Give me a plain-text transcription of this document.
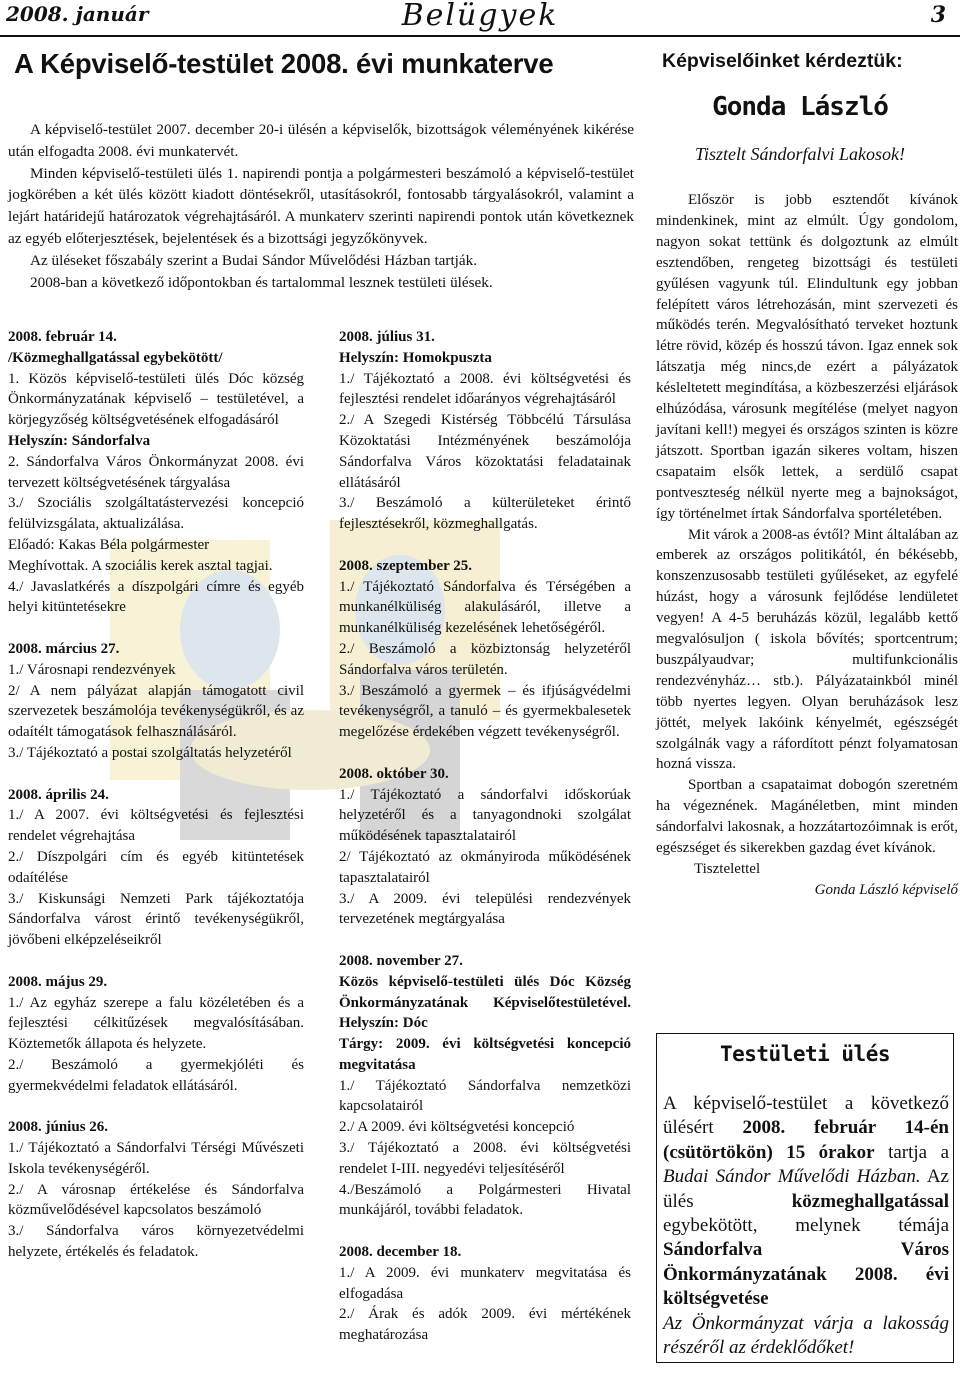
2008. január	Belügyek	3
A Képviselő-testület 2008. évi munkaterve

A képviselő-testület 2007. december 20-i ülésén a képviselők, bizottságok véleményének kikérése után elfogadta 2008. évi munkatervét.

Minden képviselő-testületi ülés 1. napirendi pontja a polgármesteri beszámoló a képviselő-testület jogkörében a két ülés között kiadott döntésekről, utasításokról, fontosabb tárgyalásokról, valamint a lejárt határidejű határozatok végrehajtásáról. A munkaterv szerinti napirendi pontok után következnek az egyéb előterjesztések, bejelentések és a bizottsági jegyzőkönyvek.

Az üléseket főszabály szerint a Budai Sándor Művelődési Házban tartják.

2008-ban a következő időpontokban és tartalommal lesznek testületi ülések.

2008. február 14.
/Közmeghallgatással egybekötött/

1. Közös képviselő-testületi ülés Dóc község Önkormányzatának képviselő – testületével, a körjegyzőség költségvetésének elfogadásáról

Helyszín: Sándorfalva

2. Sándorfalva Város Önkormányzat 2008. évi tervezett költségvetésének tárgyalása

3./ Szociális szolgáltatástervezési koncepció felülvizsgálata, aktualizálása.

Előadó: Kakas Béla polgármester

Meghívottak. A szociális kerek asztal tagjai.

4./ Javaslatkérés a díszpolgári címre és egyéb helyi kitüntetésekre

2008. március 27.

1./ Városnapi rendezvények

2/ A nem pályázat alapján támogatott civil szervezetek beszámolója tevékenységükről, és az odaítélt támogatások felhasználásáról.

3./ Tájékoztató a postai szolgáltatás helyzetéről

2008. április 24.

1./ A 2007. évi költségvetési és fejlesztési rendelet végrehajtása

2./ Díszpolgári cím és egyéb kitüntetések odaítélése

3./ Kiskunsági Nemzeti Park tájékoztatója Sándorfalva várost érintő tevékenységükről, jövőbeni elképzeléseikről

2008. május 29.

1./ Az egyház szerepe a falu közéletében és a fejlesztési célkitűzések megvalósításában. Köztemetők állapota és helyzete.

2./ Beszámoló a gyermekjóléti és gyermekvédelmi feladatok ellátásáról.

2008. június 26.

1./ Tájékoztató a Sándorfalvi Térségi Művészeti Iskola tevékenységéről.

2./ A városnap értékelése és Sándorfalva közművelődésével kapcsolatos beszámoló

3./ Sándorfalva város környezetvédelmi helyzete, értékelés és feladatok.

2008. július 31.
Helyszín: Homokpuszta

1./ Tájékoztató a 2008. évi költségvetési és fejlesztési rendelet időarányos végrehajtásáról

2./ A Szegedi Kistérség Többcélú Társulása Közoktatási Intézményének beszámolója Sándorfalva Város közoktatási feladatainak ellátásáról

3./ Beszámoló a külterületeket érintő fejlesztésekről, közmeghallgatás.

2008. szeptember 25.

1./ Tájékoztató Sándorfalva és Térségében a munkanélküliség alakulásáról, illetve a munkanélküliség kezelésének lehetőségéről.

2./ Beszámoló a közbiztonság helyzetéről Sándorfalva város területén.

3./ Beszámoló a gyermek – és ifjúságvédelmi tevékenységről, a tanuló – és gyermekbalesetek megelőzése érdekében végzett tevékenységről.

2008. október 30.

1./ Tájékoztató a sándorfalvi időskorúak helyzetéről és a tanyagondnoki szolgálat működésének tapasztalatairól

2/ Tájékoztató az okmányiroda működésének tapasztalatairól

3./ A 2009. évi települési rendezvények tervezetének megtárgyalása

2008. november 27.

Közös képviselő-testületi ülés Dóc Község Önkormányzatának Képviselőtestületével. Helyszín: Dóc

Tárgy: 2009. évi költségvetési koncepció megvitatása

1./ Tájékoztató Sándorfalva nemzetközi kapcsolatairól

2./ A 2009. évi költségvetési koncepció

3./ Tájékoztató a 2008. évi költségvetési rendelet I-III. negyedévi teljesítéséről

4./Beszámoló a Polgármesteri Hivatal munkájáról, további feladatok.

2008. december 18.

1./ A 2009. évi munkaterv megvitatása és elfogadása

2./ Árak és adók 2009. évi mértékének meghatározása

Képviselőinket kérdeztük:
Gonda László
Tisztelt Sándorfalvi Lakosok!

Először is jobb esztendőt kívánok mindenkinek, mint az elmúlt. Úgy gondolom, nagyon sokat tettünk és dolgoztunk az elmúlt esztendőben, rengeteg bizottsági és testületi gyűlésen vagyunk túl. Elindultunk egy jobban felépített város létrehozásán, mint szervezeti és működés terén. Megvalósítható terveket hoztunk létre rövid, közép és hosszú távon. Igaz ennek sok látszatja még nincs,de ezért a pályázatok késleltetett megindítása, a közbeszerzési eljárások elhúzódása, városunk megítélése (melyet nagyon javítani kell!) megyei és országos szinten is közre játszott. Sportban igazán sikeres voltam, hiszen csapataim elsők lettek, a serdülő csapat pontveszteség nélkül nyerte meg a bajnokságot, így történelmet írtak Sándorfalva sportéletében.

Mit várok a 2008-as évtől? Mint általában az emberek az országos politikától, én békésebb, konszenzusosabb testületi gyűléseket, az egyfelé húzást, hogy a városunk fejlődése lendületet vegyen! A 4-5 beruházás közül, legalább kettő megvalósuljon ( iskola bővítés; sportcentrum; buszpályaudvar; multifunkcionális rendezvényház… stb.). Pályázatainkból minél több nyertes legyen. Olyan beruházások lesz jöttét, melyek lakóink kényelmét, egészségét szolgálnák vagy a ráfordított pénzt folyamatosan hozná vissza.

Sportban a csapataimat dobogón szeretném ha végeznének. Magánéletben, mint minden sándorfalvi lakosnak, a hozzátartozóimnak is erőt, egészséget és sikerekben gazdag évet kívánok.

Tisztelettel

Gonda László képviselő

Testületi ülés
A képviselő-testület a következő ülésért 2008. február 14-én (csütörtökön) 15 órakor tartja a Budai Sándor Művelődi Házban. Az ülés közmeghallgatással egybekötött, melynek témája Sándorfalva Város Önkormányzatának 2008. évi költségvetése
Az Önkormányzat várja a lakosság részéről az érdeklődőket!
